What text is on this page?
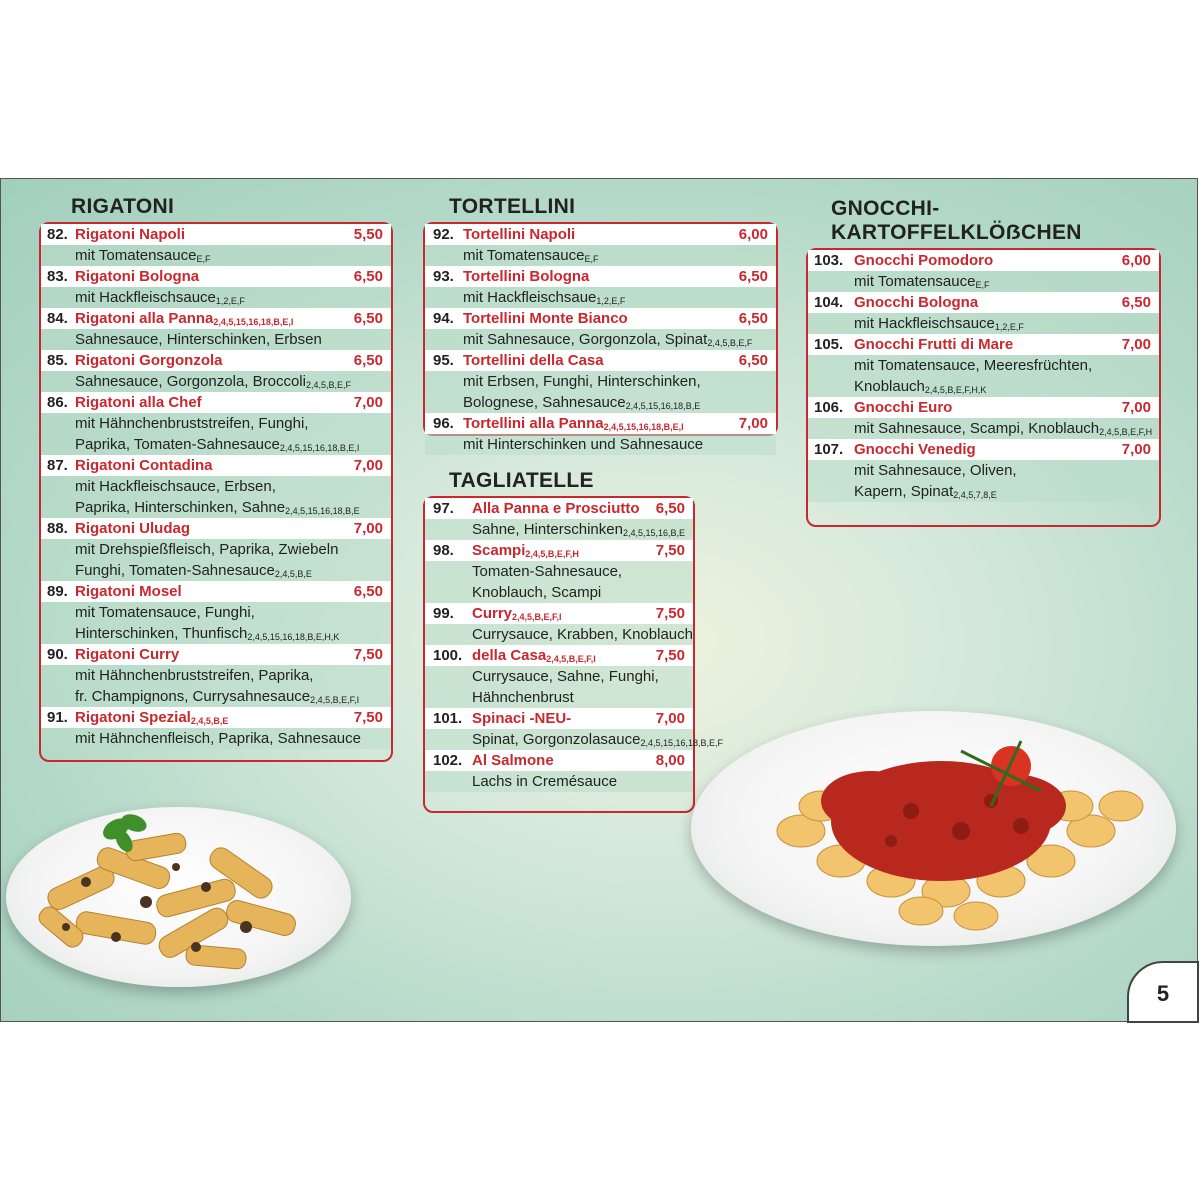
RIGATONI	TORTELLINI
TAGLIATELLE
GNOCCHI-
KARTOFFELKLÖẞCHEN
82. Rigatoni Napoli	5,50
mit Tomatensauce$_{E,F}$
83. Rigatoni Bologna	6,50
mit Hackfleischsauce$_{1,2,E,F}$
84. Rigatoni alla Panna$_{2,4,5,15,16,18,B,E,I}$	6,50
Sahnesauce, Hinterschinken, Erbsen
85. Rigatoni Gorgonzola	6,50
Sahnesauce, Gorgonzola, Broccoli$_{2,4,5,B,E,F}$
86. Rigatoni alla Chef	7,00
mit Hähnchenbruststreifen, Funghi,
Paprika, Tomaten-Sahnesauce$_{2,4,5,15,16,18,B,E,I}$
87. Rigatoni Contadina	7,00
mit Hackfleischsauce, Erbsen,
Paprika, Hinterschinken, Sahne$_{2,4,5,15,16,18,B,E}$
88. Rigatoni Uludag	7,00
mit Drehspießfleisch, Paprika, Zwiebeln
Funghi, Tomaten-Sahnesauce$_{2,4,5,B,E}$
89. Rigatoni Mosel	6,50
mit Tomatensauce, Funghi,
Hinterschinken, Thunfisch$_{2,4,5,15,16,18,B,E,H,K}$
90. Rigatoni Curry	7,50
mit Hähnchenbruststreifen, Paprika,
fr. Champignons, Currysahnesauce$_{2,4,5,B,E,F,I}$
91. Rigatoni Spezial$_{2,4,5,B,E}$	7,50
mit Hähnchenfleisch, Paprika, Sahnesauce
92. Tortellini Napoli	6,00
mit Tomatensauce$_{E,F}$
93. Tortellini Bologna	6,50
mit Hackfleischsaue$_{1,2,E,F}$
94. Tortellini Monte Bianco	6,50
mit Sahnesauce, Gorgonzola, Spinat$_{2,4,5,B,E,F}$
95. Tortellini della Casa	6,50
mit Erbsen, Funghi, Hinterschinken,
Bolognese, Sahnesauce$_{2,4,5,15,16,18,B,E}$
96. Tortellini alla Panna$_{2,4,5,15,16,18,B,E,I}$	7,00
mit Hinterschinken und Sahnesauce
97. Alla Panna e Prosciutto 6,50
Sahne, Hinterschinken$_{2,4,5,15,16,B,E}$
98. Scampi$_{2,4,5,B,E,F,H}$	7,50
Tomaten-Sahnesauce,
Knoblauch, Scampi
99. Curry$_{2,4,5,B,E,F,I}$	7,50
Currysauce, Krabben, Knoblauch
100. della Casa$_{2,4,5,B,E,F,I}$	7,50
Currysauce, Sahne, Funghi,
Hähnchenbrust
101. Spinaci -NEU-	7,00
Spinat, Gorgonzolasauce$_{2,4,5,15,16,18,B,E,F}$
102. Al Salmone	8,00
Lachs in Cremésauce
103. Gnocchi Pomodoro	6,00
mit Tomatensauce$_{E,F}$
104. Gnocchi Bologna	6,50
mit Hackfleischsauce$_{1,2,E,F}$
105. Gnocchi Frutti di Mare	7,00
mit Tomatensauce, Meeresfrüchten,
Knoblauch$_{2,4,5,B,E,F,H,K}$
106. Gnocchi Euro	7,00
mit Sahnesauce, Scampi, Knoblauch$_{2,4,5,B,E,F,H}$
107. Gnocchi Venedig	7,00
mit Sahnesauce, Oliven,
Kapern, Spinat$_{2,4,5,7,8,E}$
5
